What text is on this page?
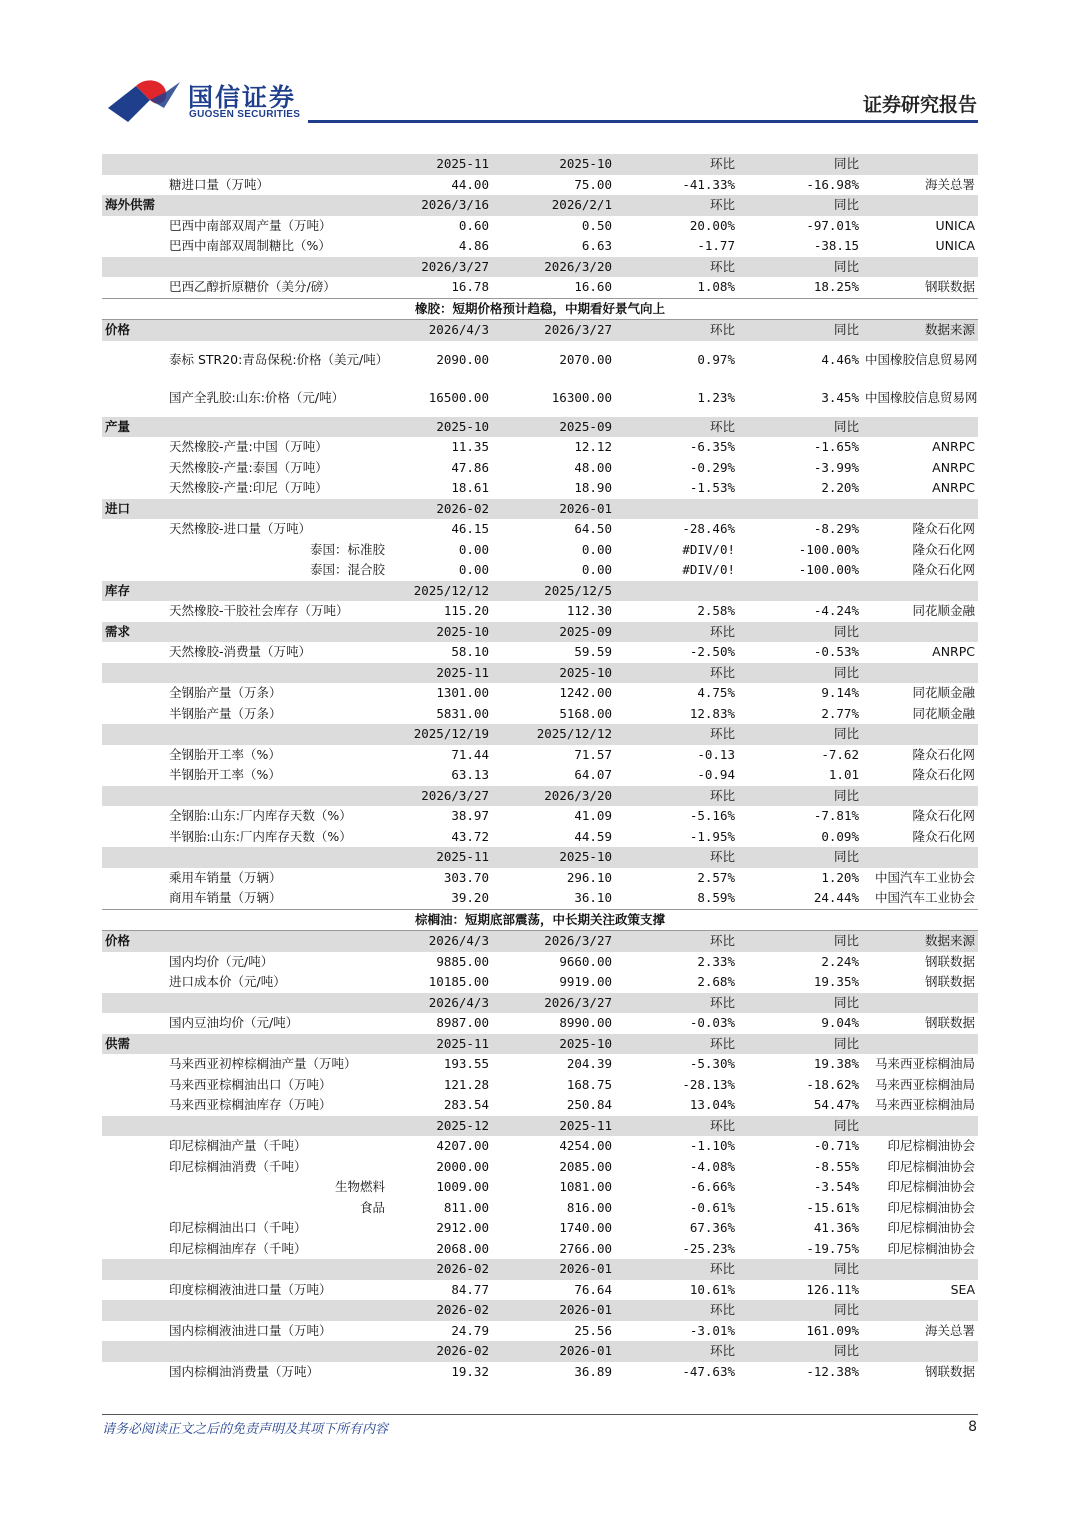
国信证券
GUOSEN SECURITIES	证券研究报告
		2025-11	2025-10	环比	同比	
	糖进口量（万吨）	44.00	75.00	-41.33%	-16.98%	海关总署
海外供需		2026/3/16	2026/2/1	环比	同比	
	巴西中南部双周产量（万吨）	0.60	0.50	20.00%	-97.01%	UNICA
	巴西中南部双周制糖比（%）	4.86	6.63	-1.77	-38.15	UNICA
		2026/3/27	2026/3/20	环比	同比	
	巴西乙醇折原糖价（美分/磅）	16.78	16.60	1.08%	18.25%	钢联数据
橡胶：短期价格预计趋稳，中期看好景气向上						
价格		2026/4/3	2026/3/27	环比	同比	数据来源
	泰标 STR20:青岛保税:价格（美元/吨）	2090.00	2070.00	0.97%	4.46%	中国橡胶信息贸易网
	国产全乳胶:山东:价格（元/吨）	16500.00	16300.00	1.23%	3.45%	中国橡胶信息贸易网
产量		2025-10	2025-09	环比	同比	
	天然橡胶-产量:中国（万吨）	11.35	12.12	-6.35%	-1.65%	ANRPC
	天然橡胶-产量:泰国（万吨）	47.86	48.00	-0.29%	-3.99%	ANRPC
	天然橡胶-产量:印尼（万吨）	18.61	18.90	-1.53%	2.20%	ANRPC
进口		2026-02	2026-01			
	天然橡胶-进口量（万吨）	46.15	64.50	-28.46%	-8.29%	隆众石化网
	泰国：标准胶	0.00	0.00	#DIV/0!	-100.00%	隆众石化网
	泰国：混合胶	0.00	0.00	#DIV/0!	-100.00%	隆众石化网
库存		2025/12/12	2025/12/5			
	天然橡胶-干胶社会库存（万吨）	115.20	112.30	2.58%	-4.24%	同花顺金融
需求		2025-10	2025-09	环比	同比	
	天然橡胶-消费量（万吨）	58.10	59.59	-2.50%	-0.53%	ANRPC
		2025-11	2025-10	环比	同比	
	全钢胎产量（万条）	1301.00	1242.00	4.75%	9.14%	同花顺金融
	半钢胎产量（万条）	5831.00	5168.00	12.83%	2.77%	同花顺金融
		2025/12/19	2025/12/12	环比	同比	
	全钢胎开工率（%）	71.44	71.57	-0.13	-7.62	隆众石化网
	半钢胎开工率（%）	63.13	64.07	-0.94	1.01	隆众石化网
		2026/3/27	2026/3/20	环比	同比	
	全钢胎:山东:厂内库存天数（%）	38.97	41.09	-5.16%	-7.81%	隆众石化网
	半钢胎:山东:厂内库存天数（%）	43.72	44.59	-1.95%	0.09%	隆众石化网
		2025-11	2025-10	环比	同比	
	乘用车销量（万辆）	303.70	296.10	2.57%	1.20%	中国汽车工业协会
	商用车销量（万辆）	39.20	36.10	8.59%	24.44%	中国汽车工业协会
棕榈油：短期底部震荡，中长期关注政策支撑						
价格		2026/4/3	2026/3/27	环比	同比	数据来源
	国内均价（元/吨）	9885.00	9660.00	2.33%	2.24%	钢联数据
	进口成本价（元/吨）	10185.00	9919.00	2.68%	19.35%	钢联数据
		2026/4/3	2026/3/27	环比	同比	
	国内豆油均价（元/吨）	8987.00	8990.00	-0.03%	9.04%	钢联数据
供需		2025-11	2025-10	环比	同比	
	马来西亚初榨棕榈油产量（万吨）	193.55	204.39	-5.30%	19.38%	马来西亚棕榈油局
	马来西亚棕榈油出口（万吨）	121.28	168.75	-28.13%	-18.62%	马来西亚棕榈油局
	马来西亚棕榈油库存（万吨）	283.54	250.84	13.04%	54.47%	马来西亚棕榈油局
		2025-12	2025-11	环比	同比	
	印尼棕榈油产量（千吨）	4207.00	4254.00	-1.10%	-0.71%	印尼棕榈油协会
	印尼棕榈油消费（千吨）	2000.00	2085.00	-4.08%	-8.55%	印尼棕榈油协会
	生物燃料	1009.00	1081.00	-6.66%	-3.54%	印尼棕榈油协会
	食品	811.00	816.00	-0.61%	-15.61%	印尼棕榈油协会
	印尼棕榈油出口（千吨）	2912.00	1740.00	67.36%	41.36%	印尼棕榈油协会
	印尼棕榈油库存（千吨）	2068.00	2766.00	-25.23%	-19.75%	印尼棕榈油协会
		2026-02	2026-01	环比	同比	
	印度棕榈液油进口量（万吨）	84.77	76.64	10.61%	126.11%	SEA
		2026-02	2026-01	环比	同比	
	国内棕榈液油进口量（万吨）	24.79	25.56	-3.01%	161.09%	海关总署
		2026-02	2026-01	环比	同比	
	国内棕榈油消费量（万吨）	19.32	36.89	-47.63%	-12.38%	钢联数据
请务必阅读正文之后的免责声明及其项下所有内容	8
